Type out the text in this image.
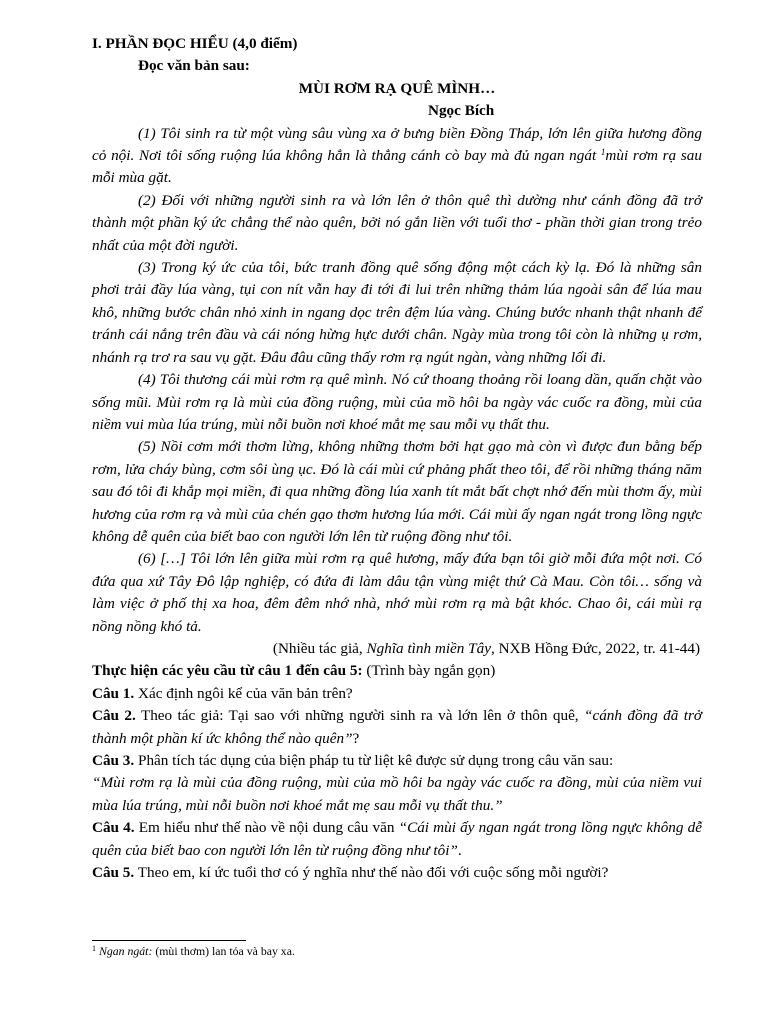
I. PHẦN ĐỌC HIỂU (4,0 điểm)

Đọc văn bản sau:

MÙI RƠM RẠ QUÊ MÌNH…

Ngọc Bích

(1) Tôi sinh ra từ một vùng sâu vùng xa ở bưng biền Đồng Tháp, lớn lên giữa hương đồng cỏ nội. Nơi tôi sống ruộng lúa không hẳn là thẳng cánh cò bay mà đủ ngan ngát $^1$mùi rơm rạ sau mỗi mùa gặt.

(2) Đối với những người sinh ra và lớn lên ở thôn quê thì dường như cánh đồng đã trở thành một phần ký ức chẳng thể nào quên, bởi nó gắn liền với tuổi thơ - phần thời gian trong trẻo nhất của một đời người.

(3) Trong ký ức của tôi, bức tranh đồng quê sống động một cách kỳ lạ. Đó là những sân phơi trải đầy lúa vàng, tụi con nít vẫn hay đi tới đi lui trên những thảm lúa ngoài sân để lúa mau khô, những bước chân nhỏ xinh in ngang dọc trên đệm lúa vàng. Chúng bước nhanh thật nhanh để tránh cái nắng trên đầu và cái nóng hừng hực dưới chân. Ngày mùa trong tôi còn là những ụ rơm, nhánh rạ trơ ra sau vụ gặt. Đâu đâu cũng thấy rơm rạ ngút ngàn, vàng những lối đi.

(4) Tôi thương cái mùi rơm rạ quê mình. Nó cứ thoang thoảng rồi loang dần, quấn chặt vào sống mũi. Mùi rơm rạ là mùi của đồng ruộng, mùi của mồ hôi ba ngày vác cuốc ra đồng, mùi của niềm vui mùa lúa trúng, mùi nỗi buồn nơi khoé mắt mẹ sau mỗi vụ thất thu.

(5) Nồi cơm mới thơm lừng, không những thơm bởi hạt gạo mà còn vì được đun bằng bếp rơm, lửa cháy bùng, cơm sôi ùng ục. Đó là cái mùi cứ phảng phất theo tôi, để rồi những tháng năm sau đó tôi đi khắp mọi miền, đi qua những đồng lúa xanh tít mắt bất chợt nhớ đến mùi thơm ấy, mùi hương của rơm rạ và mùi của chén gạo thơm hương lúa mới. Cái mùi ấy ngan ngát trong lồng ngực không dễ quên của biết bao con người lớn lên từ ruộng đồng như tôi.

(6) […] Tôi lớn lên giữa mùi rơm rạ quê hương, mấy đứa bạn tôi giờ mỗi đứa một nơi. Có đứa qua xứ Tây Đô lập nghiệp, có đứa đi làm dâu tận vùng miệt thứ Cà Mau. Còn tôi… sống và làm việc ở phố thị xa hoa, đêm đêm nhớ nhà, nhớ mùi rơm rạ mà bật khóc. Chao ôi, cái mùi rạ nồng nồng khó tả.

(Nhiều tác giả, Nghĩa tình miền Tây, NXB Hồng Đức, 2022, tr. 41-44)

Thực hiện các yêu cầu từ câu 1 đến câu 5: (Trình bày ngắn gọn)

Câu 1. Xác định ngôi kể của văn bản trên?

Câu 2. Theo tác giả: Tại sao với những người sinh ra và lớn lên ở thôn quê, “cánh đồng đã trở thành một phần kí ức không thể nào quên”?

Câu 3. Phân tích tác dụng của biện pháp tu từ liệt kê được sử dụng trong câu văn sau:

“Mùi rơm rạ là mùi của đồng ruộng, mùi của mồ hôi ba ngày vác cuốc ra đồng, mùi của niềm vui mùa lúa trúng, mùi nỗi buồn nơi khoé mắt mẹ sau mỗi vụ thất thu.”

Câu 4. Em hiểu như thế nào về nội dung câu văn “Cái mùi ấy ngan ngát trong lồng ngực không dễ quên của biết bao con người lớn lên từ ruộng đồng như tôi”.

Câu 5. Theo em, kí ức tuổi thơ có ý nghĩa như thế nào đối với cuộc sống mỗi người?

$^1$ Ngan ngát: (mùi thơm) lan tỏa và bay xa.
